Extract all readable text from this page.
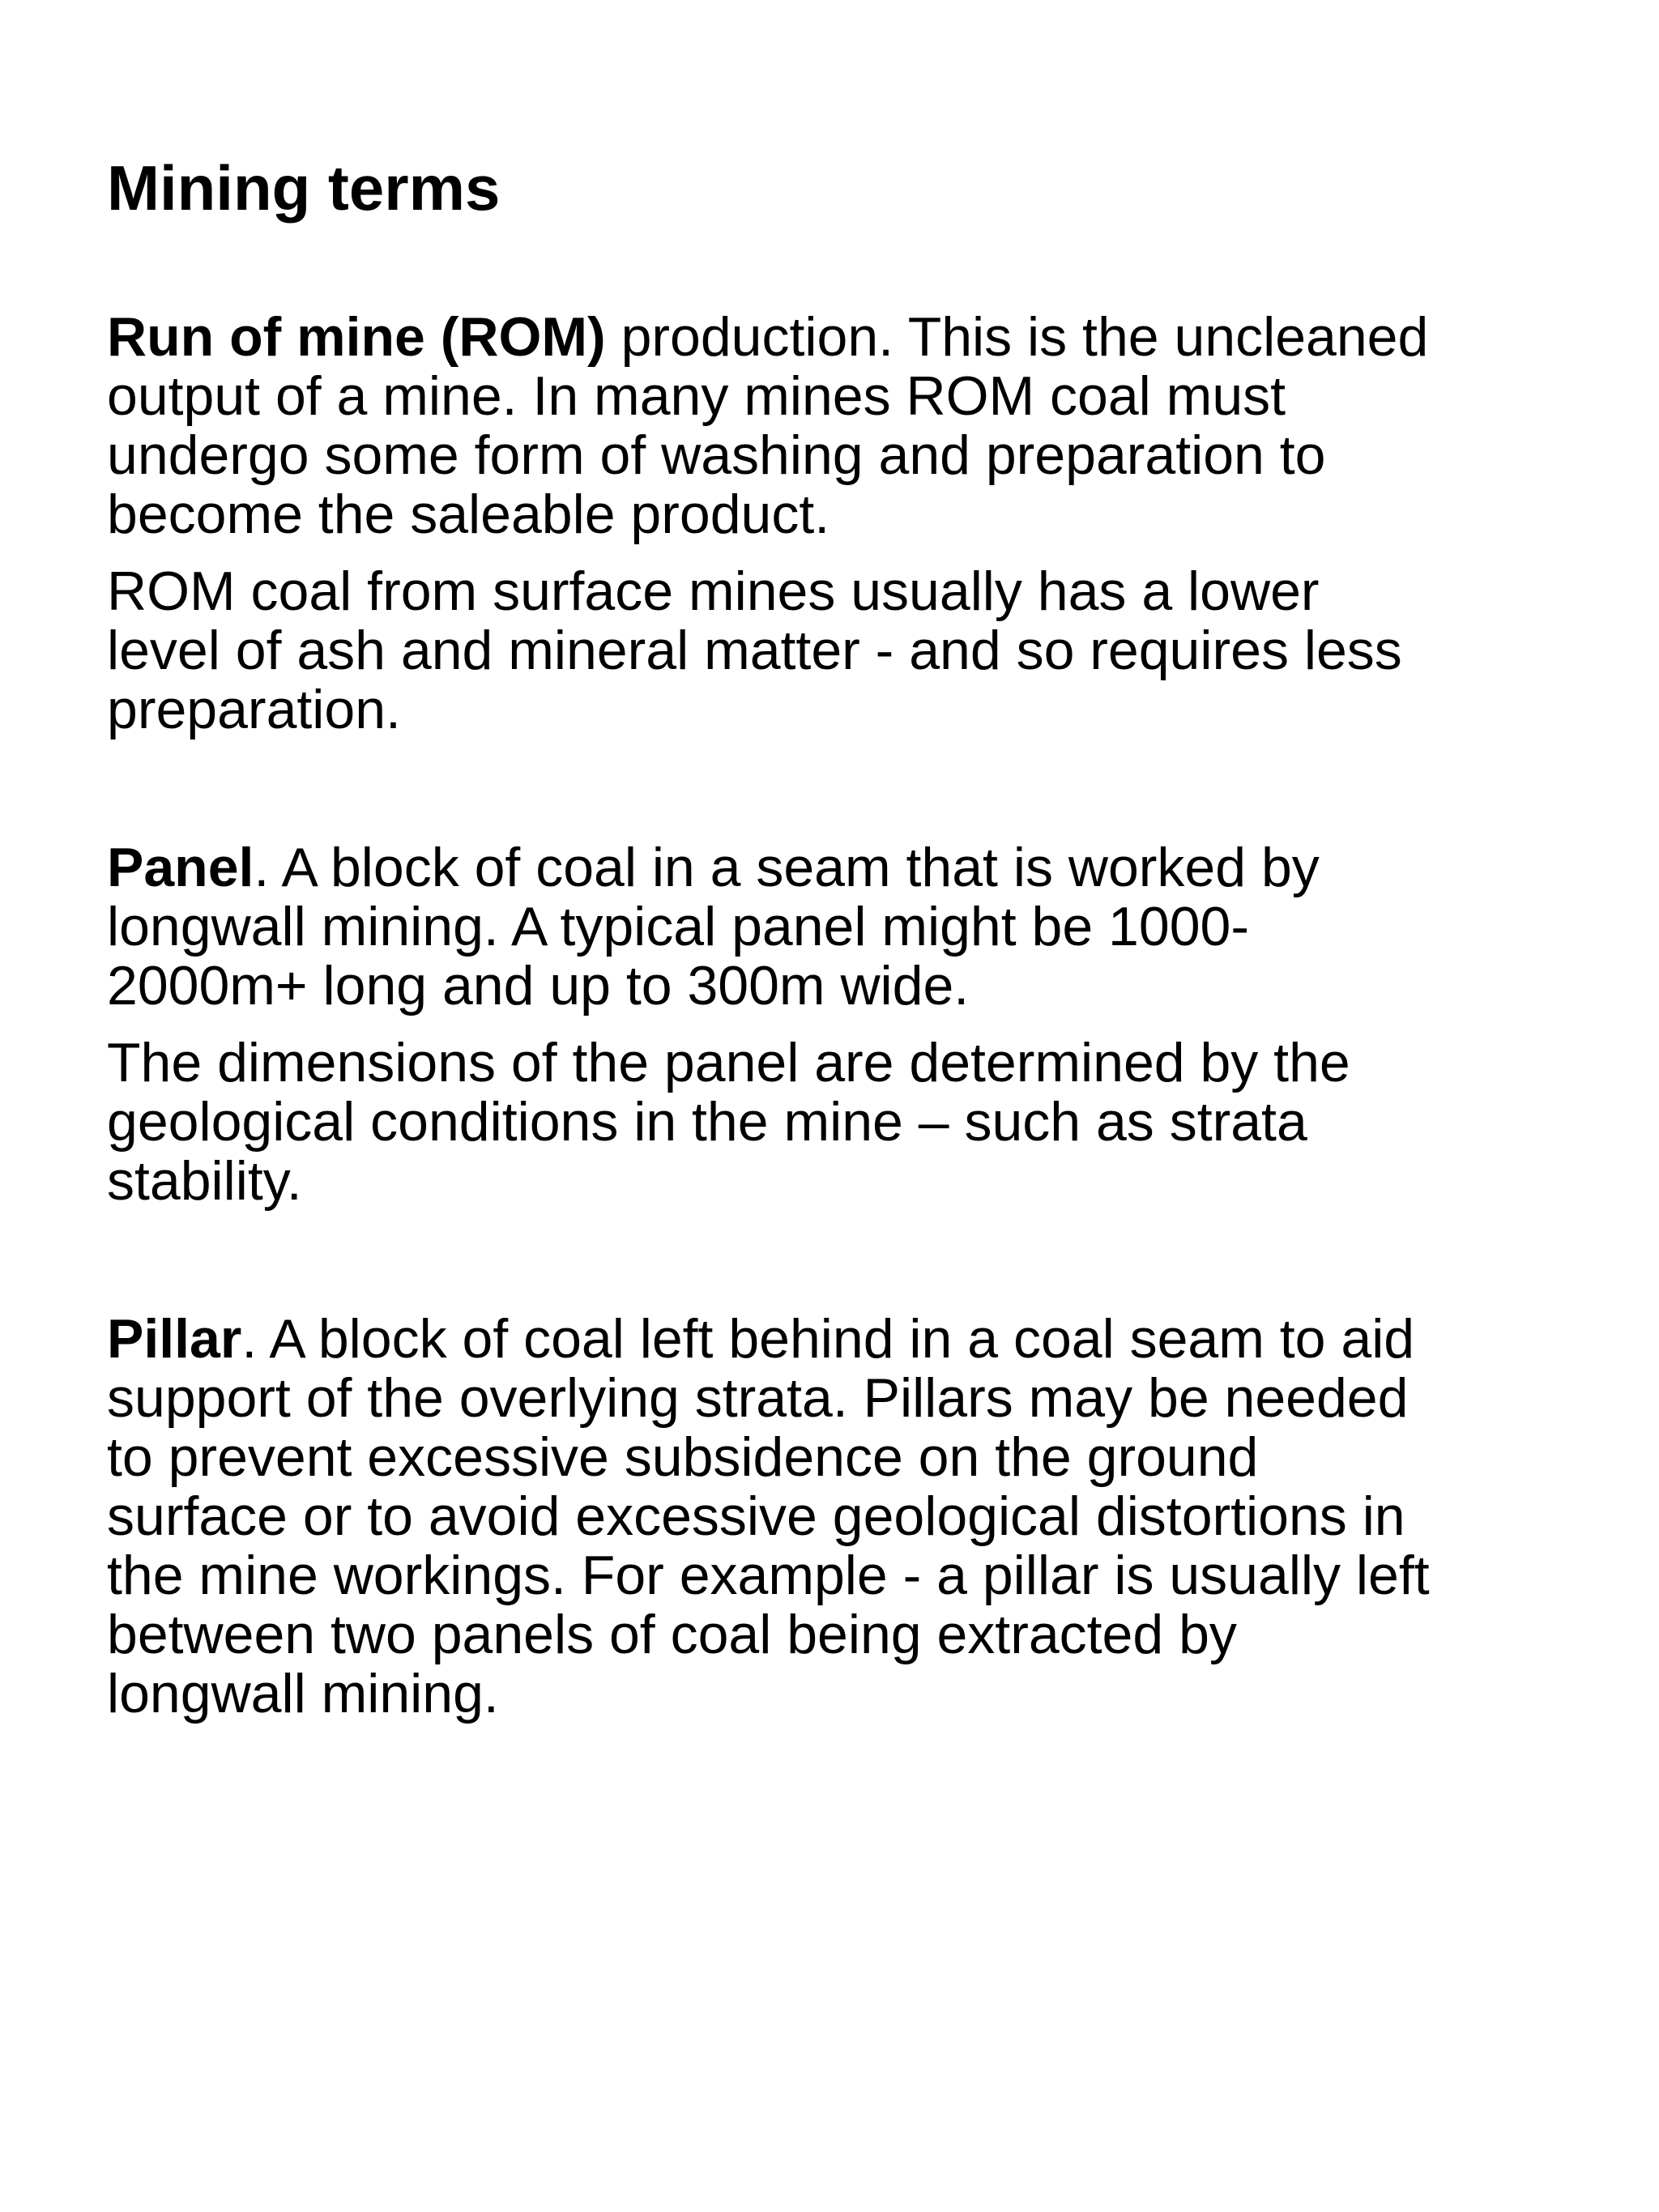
Mining terms

Run of mine (ROM) production. This is the uncleaned
output of a mine. In many mines ROM coal must
undergo some form of washing and preparation to
become the saleable product.

ROM coal from surface mines usually has a lower
level of ash and mineral matter - and so requires less
preparation.

Panel. A block of coal in a seam that is worked by
longwall mining. A typical panel might be 1000-
2000m+ long and up to 300m wide.

The dimensions of the panel are determined by the
geological conditions in the mine – such as strata
stability.

Pillar. A block of coal left behind in a coal seam to aid
support of the overlying strata. Pillars may be needed
to prevent excessive subsidence on the ground
surface or to avoid excessive geological distortions in
the mine workings. For example - a pillar is usually left
between two panels of coal being extracted by
longwall mining.
